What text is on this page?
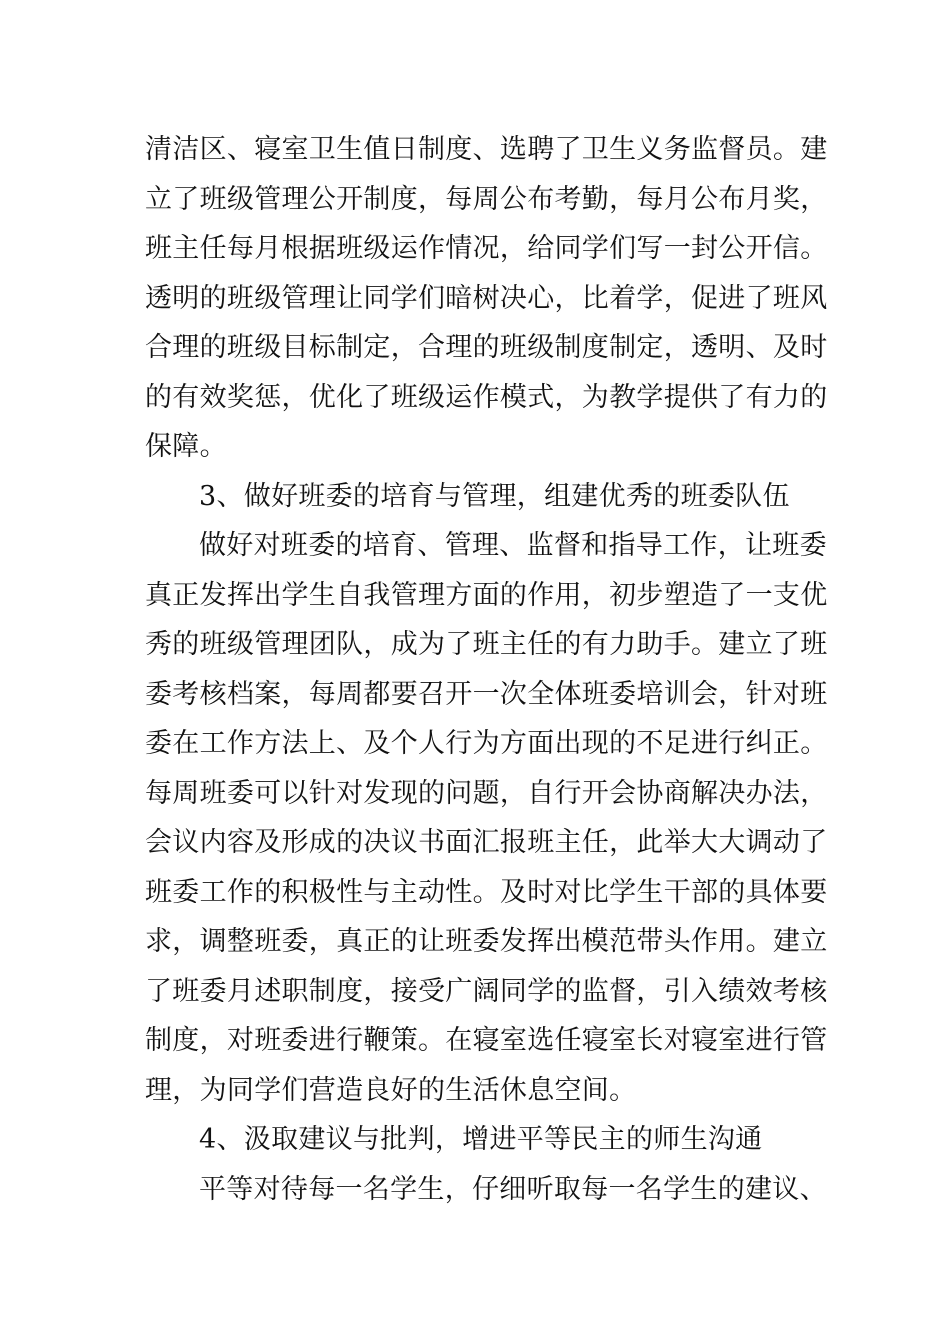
清洁区、寝室卫生值日制度、选聘了卫生义务监督员。建
立了班级管理公开制度，每周公布考勤，每月公布月奖，
班主任每月根据班级运作情况，给同学们写一封公开信。
透明的班级管理让同学们暗树决心，比着学，促进了班风
合理的班级目标制定，合理的班级制度制定，透明、及时
的有效奖惩，优化了班级运作模式，为教学提供了有力的
保障。
3、做好班委的培育与管理，组建优秀的班委队伍
做好对班委的培育、管理、监督和指导工作，让班委
真正发挥出学生自我管理方面的作用，初步塑造了一支优
秀的班级管理团队，成为了班主任的有力助手。建立了班
委考核档案，每周都要召开一次全体班委培训会，针对班
委在工作方法上、及个人行为方面出现的不足进行纠正。
每周班委可以针对发现的问题，自行开会协商解决办法，
会议内容及形成的决议书面汇报班主任，此举大大调动了
班委工作的积极性与主动性。及时对比学生干部的具体要
求，调整班委，真正的让班委发挥出模范带头作用。建立
了班委月述职制度，接受广阔同学的监督，引入绩效考核
制度，对班委进行鞭策。在寝室选任寝室长对寝室进行管
理，为同学们营造良好的生活休息空间。
4、汲取建议与批判，增进平等民主的师生沟通
平等对待每一名学生，仔细听取每一名学生的建议、
